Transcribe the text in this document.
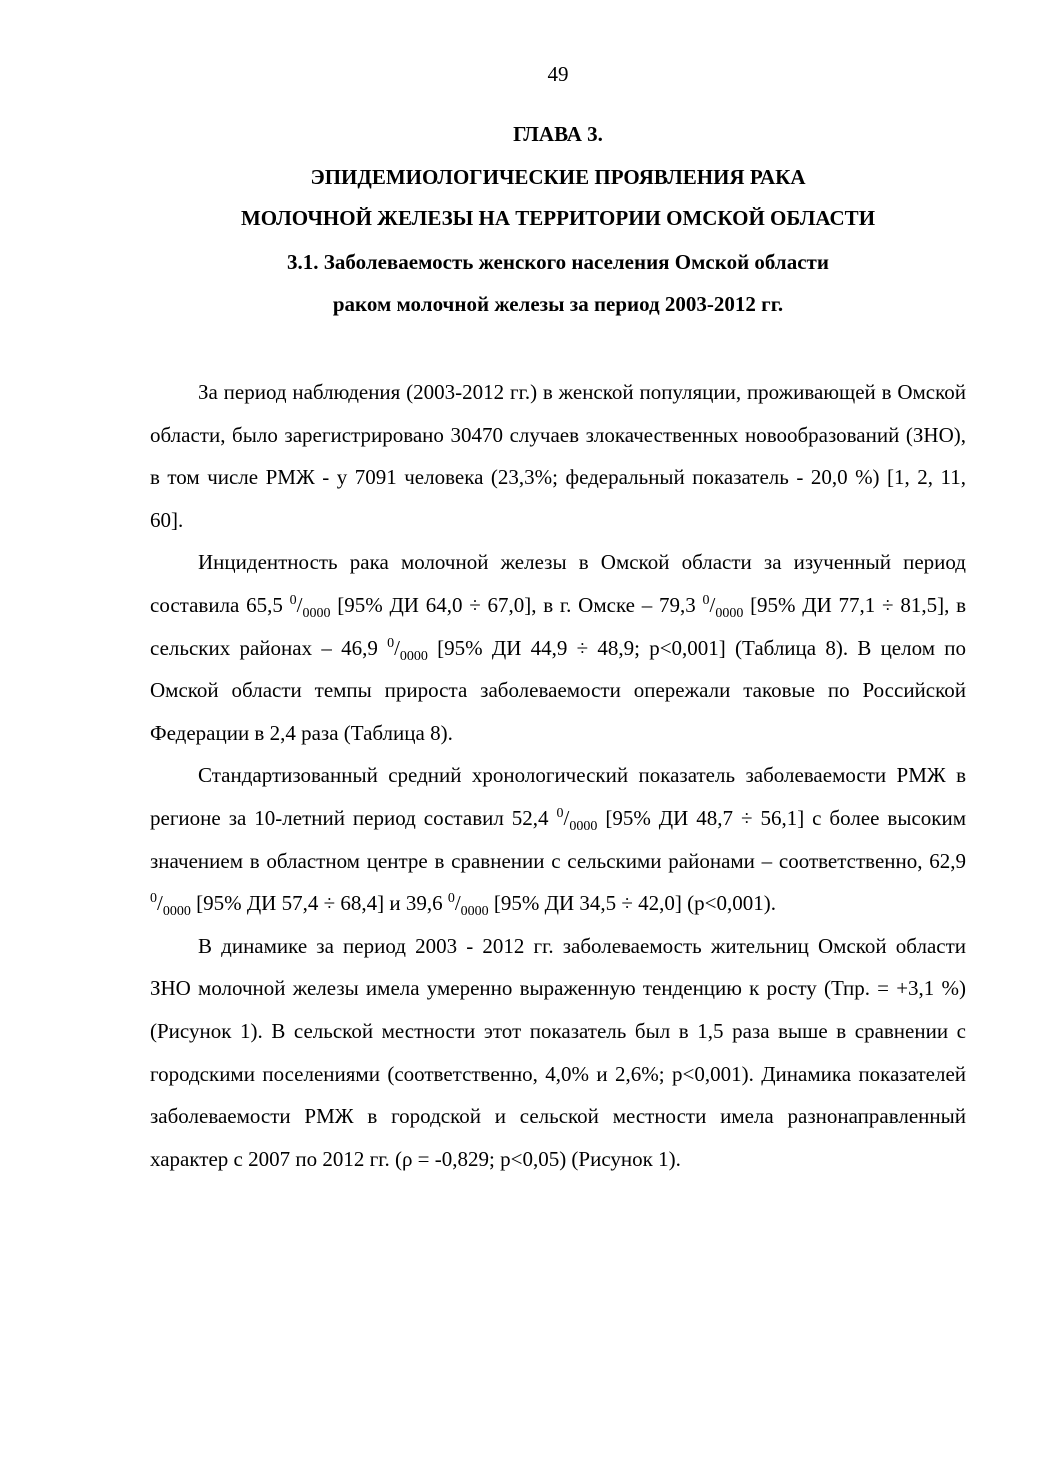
49
ГЛАВА 3.
ЭПИДЕМИОЛОГИЧЕСКИЕ ПРОЯВЛЕНИЯ РАКА
МОЛОЧНОЙ ЖЕЛЕЗЫ НА ТЕРРИТОРИИ ОМСКОЙ ОБЛАСТИ
3.1. Заболеваемость женского населения Омской области
раком молочной железы за период 2003-2012 гг.

За период наблюдения (2003-2012 гг.) в женской популяции, проживающей в Омской области, было зарегистрировано 30470 случаев злокачественных новообразований (ЗНО), в том числе РМЖ - у 7091 человека (23,3%; федеральный показатель - 20,0 %) [1, 2, 11, 60].

Инцидентность рака молочной железы в Омской области за изученный период составила 65,5 $^0/_{0000}$ [95% ДИ 64,0 ÷ 67,0], в г. Омске – 79,3 $^0/_{0000}$ [95% ДИ 77,1 ÷ 81,5], в сельских районах – 46,9 $^0/_{0000}$ [95% ДИ 44,9 ÷ 48,9; p<0,001] (Таблица 8). В целом по Омской области темпы прироста заболеваемости опережали таковые по Российской Федерации в 2,4 раза (Таблица 8).

Стандартизованный средний хронологический показатель заболеваемости РМЖ в регионе за 10-летний период составил 52,4 $^0/_{0000}$ [95% ДИ 48,7 ÷ 56,1] с более высоким значением в областном центре в сравнении с сельскими районами – соответственно, 62,9 $^0/_{0000}$ [95% ДИ 57,4 ÷ 68,4] и 39,6 $^0/_{0000}$ [95% ДИ 34,5 ÷ 42,0] (p<0,001).

В динамике за период 2003 - 2012 гг. заболеваемость жительниц Омской области ЗНО молочной железы имела умеренно выраженную тенденцию к росту (Тпр. = +3,1 %) (Рисунок 1). В сельской местности этот показатель был в 1,5 раза выше в сравнении с городскими поселениями (соответственно, 4,0% и 2,6%; p<0,001). Динамика показателей заболеваемости РМЖ в городской и сельской местности имела разнонаправленный характер с 2007 по 2012 гг. (ρ = -0,829; p<0,05) (Рисунок 1).
